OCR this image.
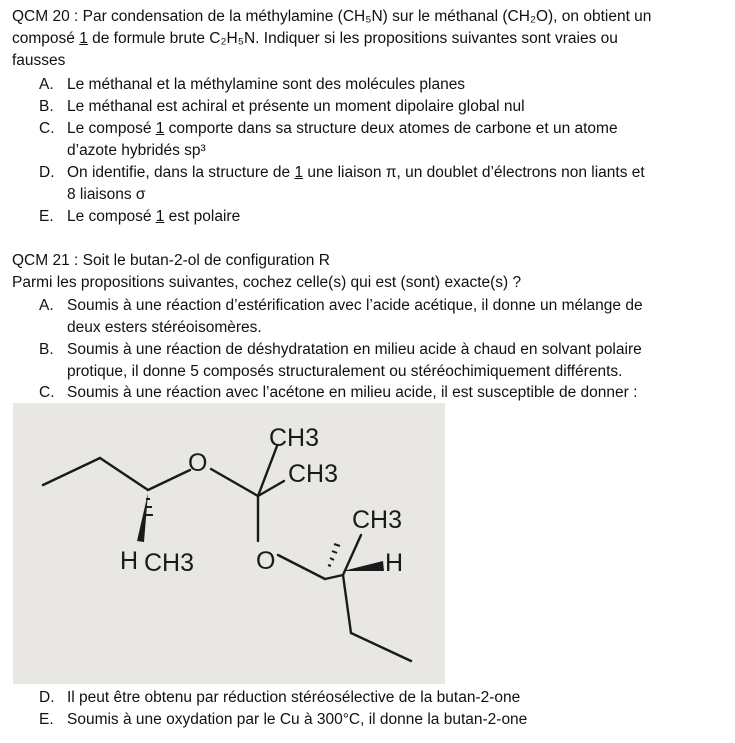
QCM 20 : Par condensation de la méthylamine (CH₅N) sur le méthanal (CH₂O), on obtient un
composé 1 de formule brute C₂H₅N. Indiquer si les propositions suivantes sont vraies ou
fausses
A. Le méthanal et la méthylamine sont des molécules planes
B. Le méthanal est achiral et présente un moment dipolaire global nul
C. Le composé 1 comporte dans sa structure deux atomes de carbone et un atome
d’azote hybridés sp³
D. On identifie, dans la structure de 1 une liaison π, un doublet d’électrons non liants et
8 liaisons σ
E. Le composé 1 est polaire
QCM 21 : Soit le butan-2-ol de configuration R
Parmi les propositions suivantes, cochez celle(s) qui est (sont) exacte(s) ?
A. Soumis à une réaction d’estérification avec l’acide acétique, il donne un mélange de
deux esters stéréoisomères.
B. Soumis à une réaction de déshydratation en milieu acide à chaud en solvant polaire
protique, il donne 5 composés structuralement ou stéréochimiquement différents.
C. Soumis à une réaction avec l’acétone en milieu acide, il est susceptible de donner :
CH3
CH3
CH3
O
O
H CH3	H
D. Il peut être obtenu par réduction stéréosélective de la butan-2-one
E. Soumis à une oxydation par le Cu à 300°C, il donne la butan-2-one
